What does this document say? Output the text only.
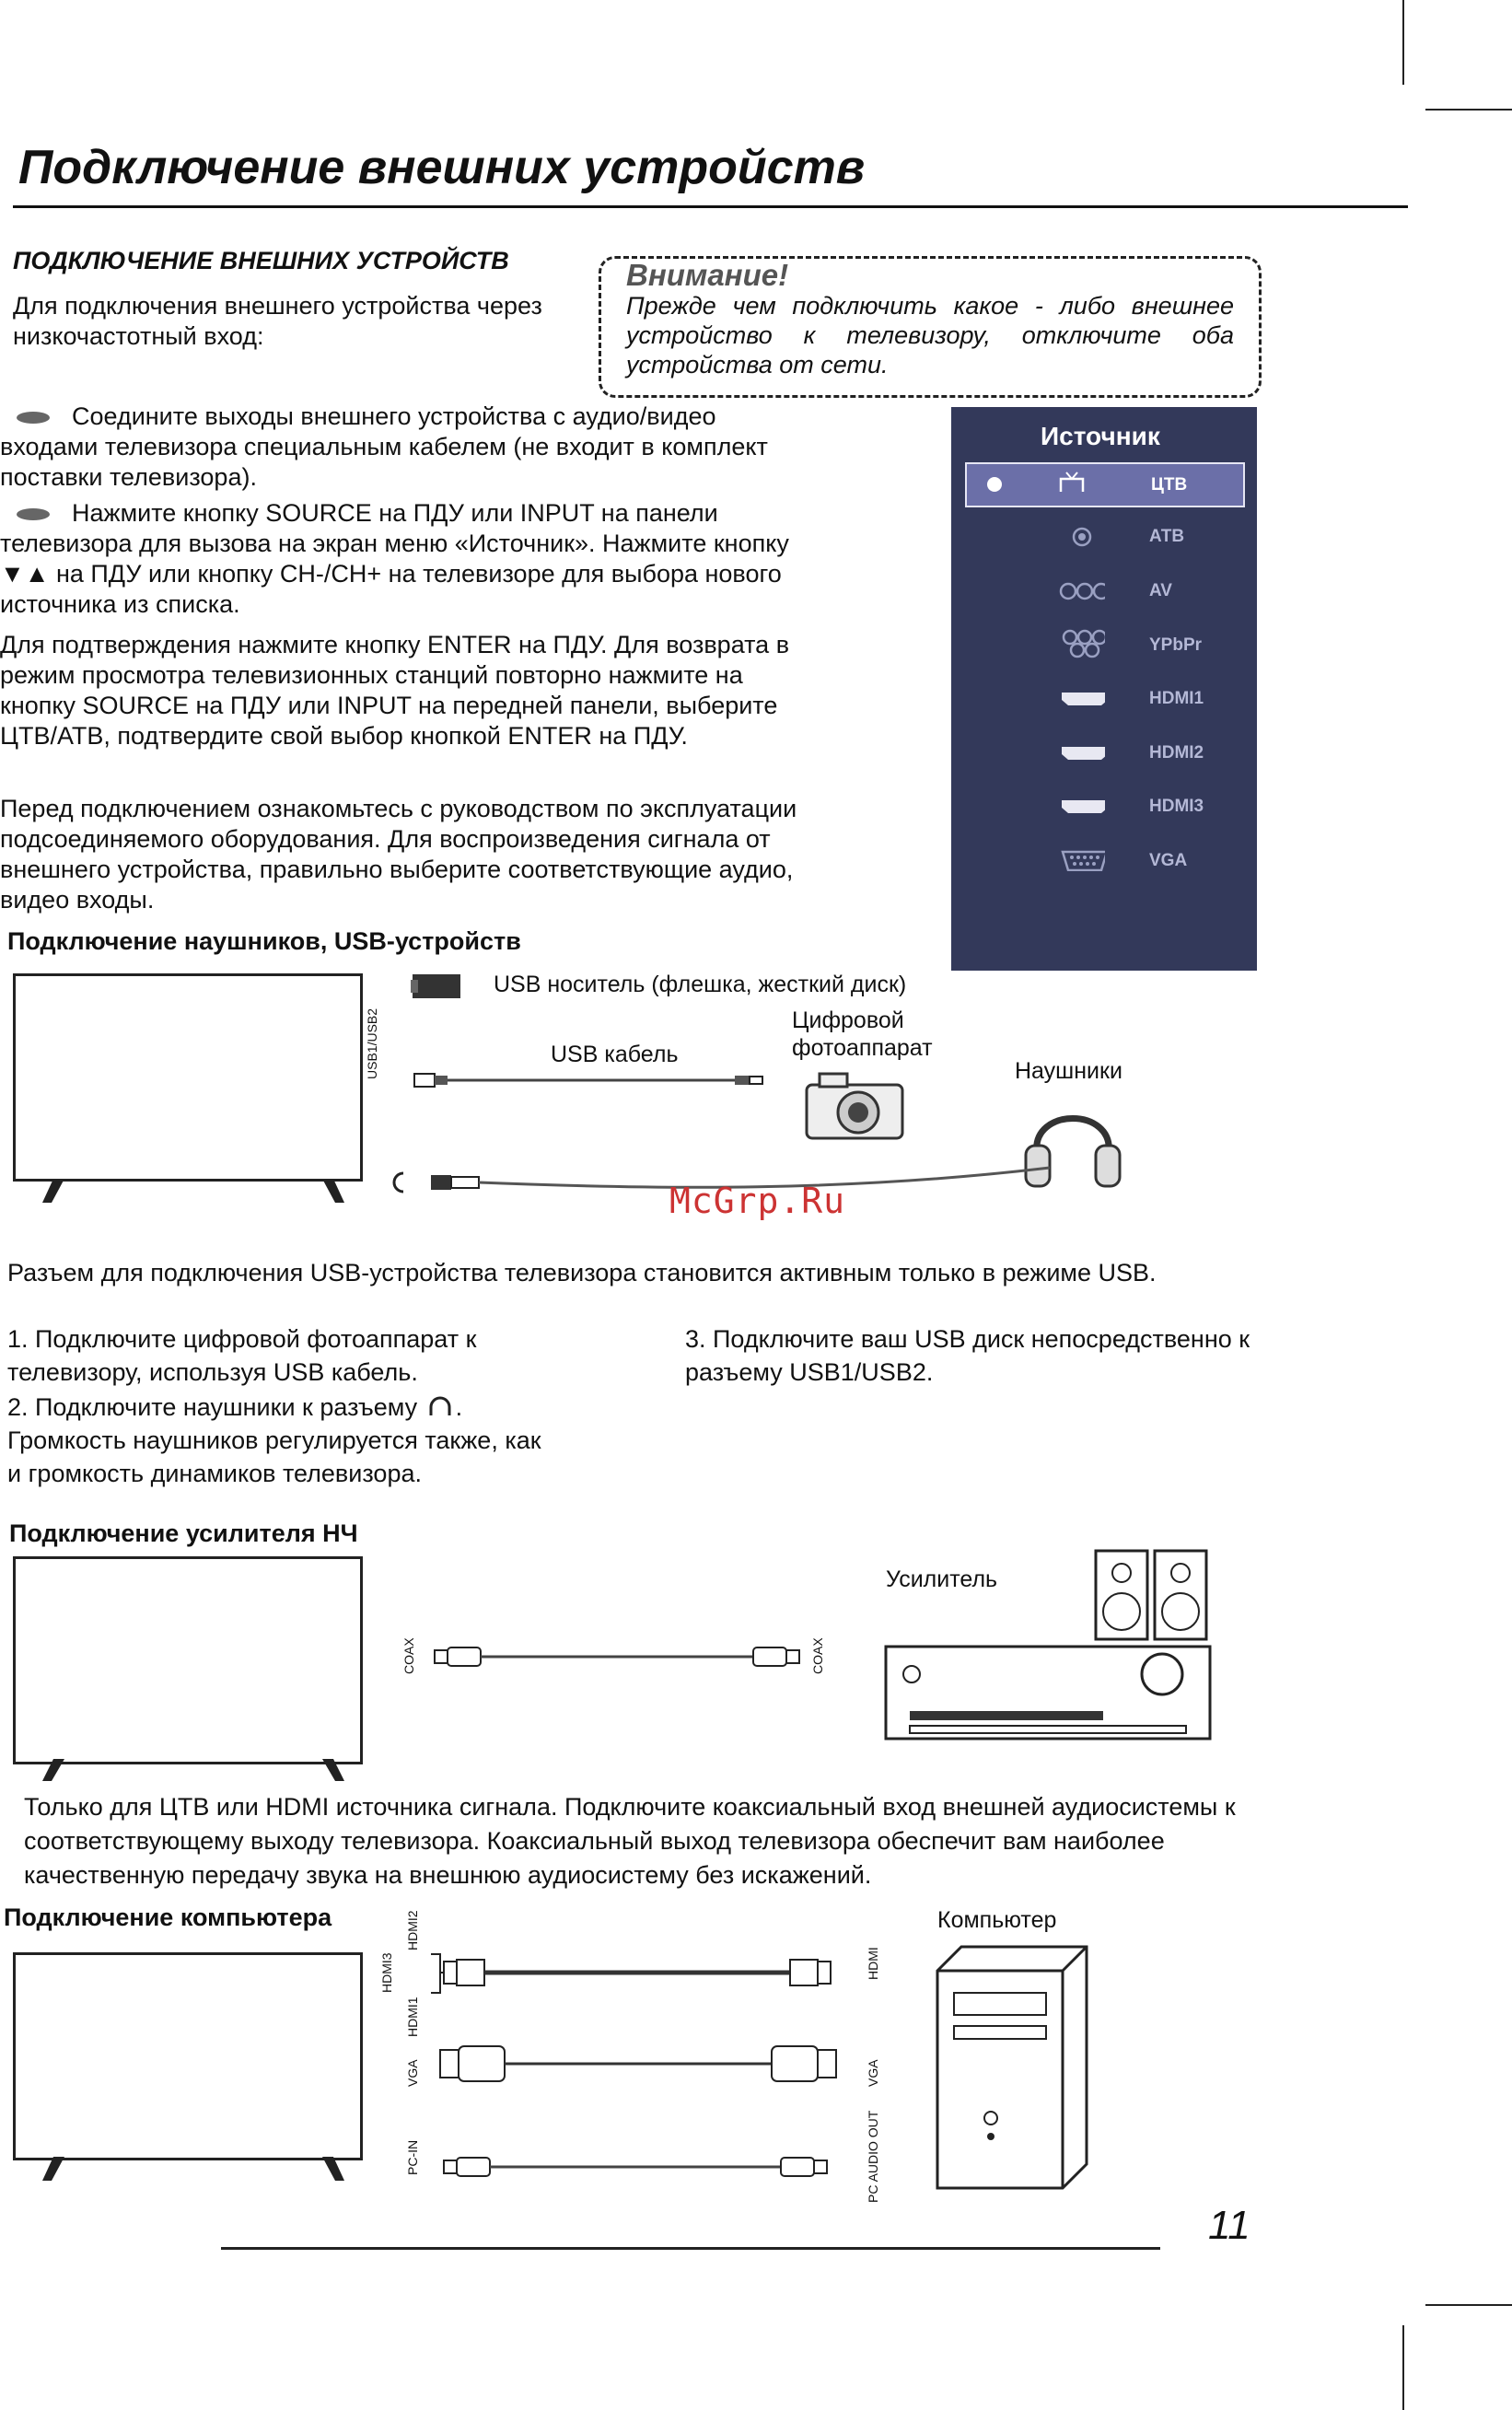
Подключение внешних устройств
ПОДКЛЮЧЕНИЕ ВНЕШНИХ УСТРОЙСТВ
Для подключения внешнего устройства через низкочастотный вход:
Внимание!
Прежде чем подключить какое - либо внешнее устройство к телевизору, отключите оба устройства от сети.
Соедините выходы внешнего устройства с аудио/видео входами телевизора специальным кабелем (не входит в комплект поставки телевизора).
Нажмите кнопку SOURCE на ПДУ или INPUT на панели телевизора для вызова на экран меню «Источник». Нажмите кнопку ▼▲ на ПДУ или кнопку CH-/CH+ на телевизоре для выбора нового источника из списка.
Для подтверждения нажмите кнопку ENTER на ПДУ. Для возврата в режим просмотра телевизионных станций повторно нажмите на кнопку SOURCE на ПДУ или INPUT на передней панели, выберите ЦТВ/АТВ, подтвердите свой выбор кнопкой ENTER на ПДУ.
Перед подключением ознакомьтесь с руководством по эксплуатации подсоединяемого оборудования. Для воспроизведения сигнала от внешнего устройства, правильно выберите соответствующие аудио, видео входы.
Источник
ЦТВ
АТВ
AV
YPbPr
HDMI1
HDMI2
HDMI3
VGA
Подключение наушников, USB-устройств
USB1/USB2
USB носитель (флешка, жесткий диск)
USB кабель
Цифровой фотоаппарат
Наушники
McGrp.Ru
Разъем для подключения USB-устройства телевизора становится активным только в режиме USB.
1. Подключите цифровой фотоаппарат к телевизору, используя USB кабель.
2. Подключите наушники к разъему . Громкость наушников регулируется также, как и громкость динамиков телевизора.
3. Подключите ваш USB диск непосредственно к разъему USB1/USB2.
Подключение усилителя НЧ
COAX	COAX
Усилитель
Только для ЦТВ или HDMI источника сигнала. Подключите коаксиальный вход внешней аудиосистемы к соответствующему выходу телевизора. Коаксиальный выход телевизора обеспечит вам наиболее качественную передачу звука на внешнюю аудиосистему без искажений.
Подключение компьютера	HDMI2
HDMI3
HDMI1
VGA
PC-IN
HDMI
VGA
PC AUDIO OUT
Компьютер
11
